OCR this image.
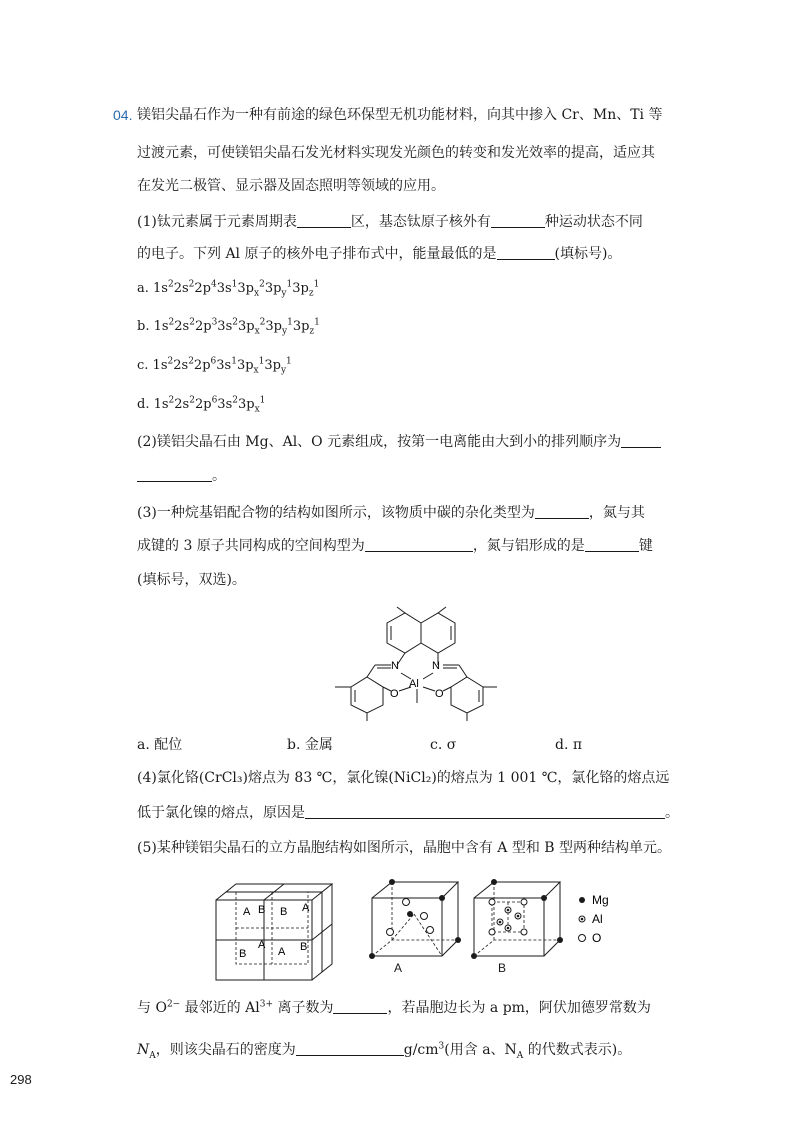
04. 镁铝尖晶石作为一种有前途的绿色环保型无机功能材料，向其中掺入 Cr、Mn、Ti 等
过渡元素，可使镁铝尖晶石发光材料实现发光颜色的转变和发光效率的提高，适应其
在发光二极管、显示器及固态照明等领域的应用。
(1)钛元素属于元素周期表	区，基态钛原子核外有	种运动状态不同
的电子。下列 Al 原子的核外电子排布式中，能量最低的是	(填标号)。
a. $1s^22s^22p^43s^13p_x^23p_y^13p_z^1$
b. $1s^22s^22p^33s^23p_x^23p_y^13p_z^1$
c. $1s^22s^22p^63s^13p_x^13p_y^1$
d. $1s^22s^22p^63s^23p_x^1$
(2)镁铝尖晶石由 Mg、Al、O 元素组成，按第一电离能由大到小的排列顺序为
。
(3)一种烷基铝配合物的结构如图所示，该物质中碳的杂化类型为	，氮与其
成键的 3 原子共同构成的空间构型为	，氮与铝形成的是	键
(填标号，双选)。
N	N
Al
O	O
a. 配位	b. 金属	c. σ	d. π
(4)氯化铬(CrCl₃)熔点为 83 ℃，氯化镍(NiCl₂)的熔点为 1 001 ℃，氯化铬的熔点远
低于氯化镍的熔点，原因是	。
(5)某种镁铝尖晶石的立方晶胞结构如图所示，晶胞中含有 A 型和 B 型两种结构单元。
A B B A
B
A
A B
A	B
Mg
Al
O
与 $O^{2-}$ 最邻近的 $Al^{3+}$ 离子数为	，若晶胞边长为 a pm，阿伏加德罗常数为
$N_A$，则该尖晶石的密度为	$g/cm^3$(用含 a、$N_A$ 的代数式表示)。
298
